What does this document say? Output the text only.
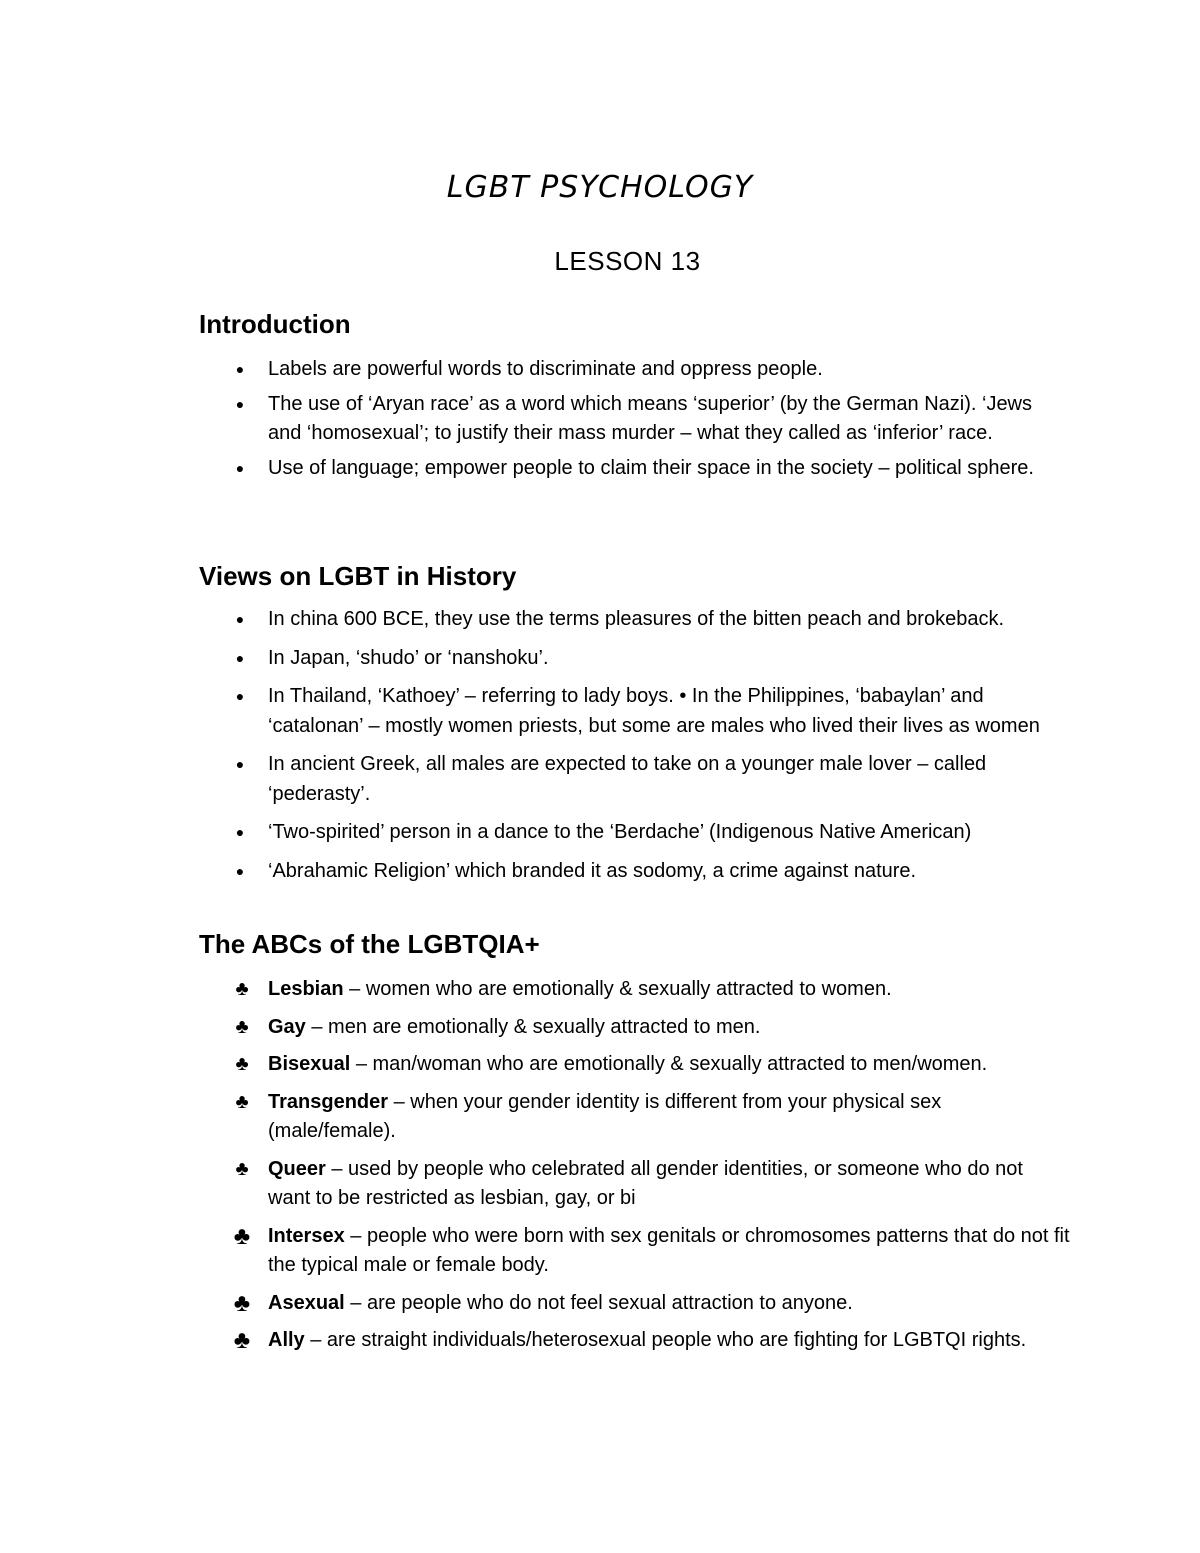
LGBT PSYCHOLOGY
LESSON 13
Introduction
● Labels are powerful words to discriminate and oppress people.
● The use of ‘Aryan race’ as a word which means ‘superior’ (by the German Nazi). ‘Jews and ‘homosexual’; to justify their mass murder – what they called as ‘inferior’ race.
● Use of language; empower people to claim their space in the society – political sphere.
Views on LGBT in History
● In china 600 BCE, they use the terms pleasures of the bitten peach and brokeback.
● In Japan, ‘shudo’ or ‘nanshoku’.
● In Thailand, ‘Kathoey’ – referring to lady boys. • In the Philippines, ‘babaylan’ and ‘catalonan’ – mostly women priests, but some are males who lived their lives as women
● In ancient Greek, all males are expected to take on a younger male lover – called ‘pederasty’.
● ‘Two-spirited’ person in a dance to the ‘Berdache’ (Indigenous Native American)
● ‘Abrahamic Religion’ which branded it as sodomy, a crime against nature.
The ABCs of the LGBTQIA+
♣ Lesbian – women who are emotionally & sexually attracted to women.
♣ Gay – men are emotionally & sexually attracted to men.
♣ Bisexual – man/woman who are emotionally & sexually attracted to men/women.
♣ Transgender – when your gender identity is different from your physical sex (male/female).
♣ Queer – used by people who celebrated all gender identities, or someone who do not want to be restricted as lesbian, gay, or bi
♣ Intersex – people who were born with sex genitals or chromosomes patterns that do not fit the typical male or female body.
♣ Asexual – are people who do not feel sexual attraction to anyone.
♣ Ally – are straight individuals/heterosexual people who are fighting for LGBTQI rights.
